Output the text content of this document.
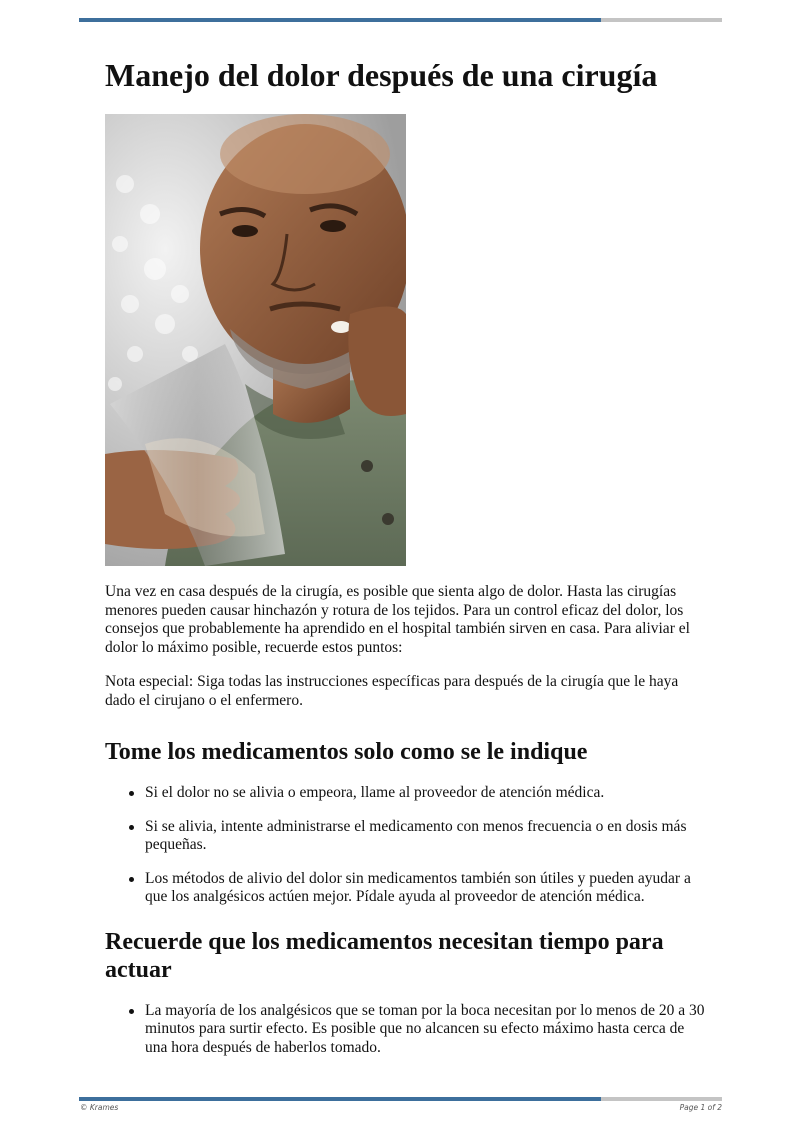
Manejo del dolor después de una cirugía

Una vez en casa después de la cirugía, es posible que sienta algo de dolor. Hasta las cirugías menores pueden causar hinchazón y rotura de los tejidos. Para un control eficaz del dolor, los consejos que probablemente ha aprendido en el hospital también sirven en casa. Para aliviar el dolor lo máximo posible, recuerde estos puntos:

Nota especial: Siga todas las instrucciones específicas para después de la cirugía que le haya dado el cirujano o el enfermero.

Tome los medicamentos solo como se le indique
Si el dolor no se alivia o empeora, llame al proveedor de atención médica.
Si se alivia, intente administrarse el medicamento con menos frecuencia o en dosis más pequeñas.
Los métodos de alivio del dolor sin medicamentos también son útiles y pueden ayudar a que los analgésicos actúen mejor. Pídale ayuda al proveedor de atención médica.
Recuerde que los medicamentos necesitan tiempo para actuar
La mayoría de los analgésicos que se toman por la boca necesitan por lo menos de 20 a 30 minutos para surtir efecto. Es posible que no alcancen su efecto máximo hasta cerca de una hora después de haberlos tomado.
© Krames	Page 1 of 2
